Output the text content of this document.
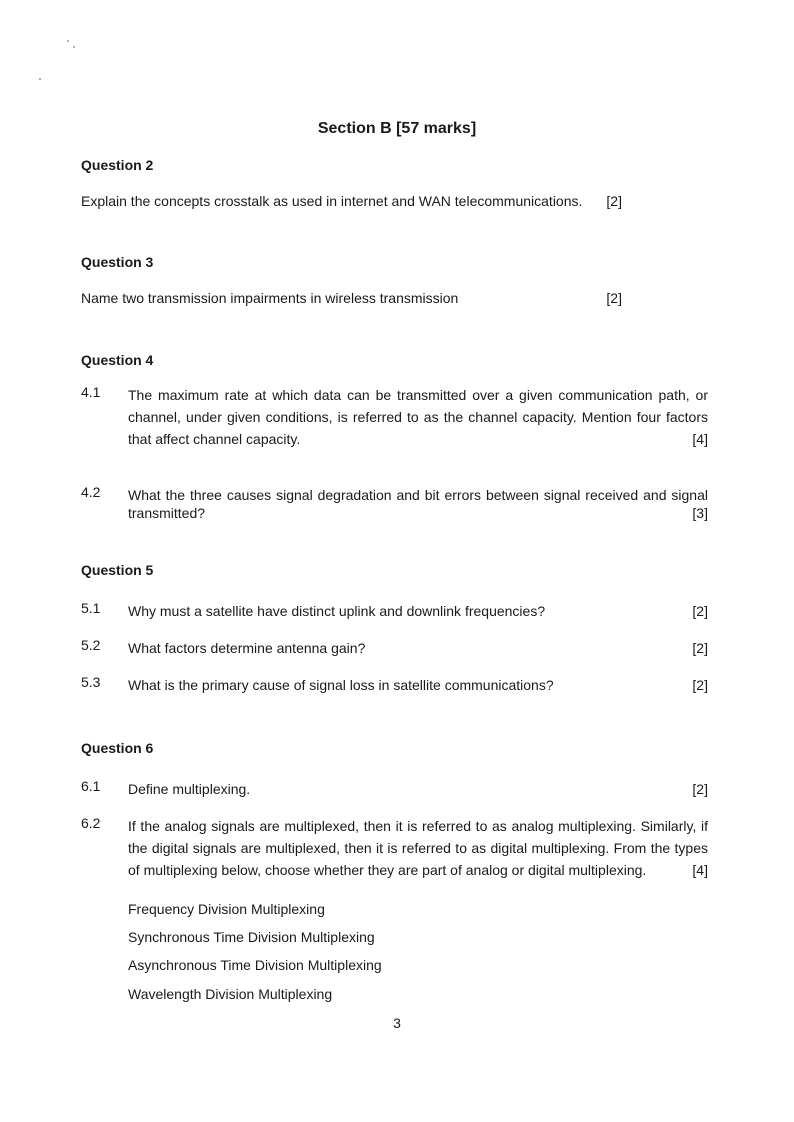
Section B [57 marks]
Question 2
Explain the concepts crosstalk as used in internet and WAN telecommunications. [2]
Question 3
Name two transmission impairments in wireless transmission	[2]
Question 4
4.1	The maximum rate at which data can be transmitted over a given communication path, or
channel, under given conditions, is referred to as the channel capacity. Mention four factors
that affect channel capacity.	[4]
4.2	What the three causes signal degradation and bit errors between signal received and signal
transmitted?	[3]
Question 5
5.1	Why must a satellite have distinct uplink and downlink frequencies?	[2]
5.2	What factors determine antenna gain?	[2]
5.3	What is the primary cause of signal loss in satellite communications?	[2]
Question 6
6.1	Define multiplexing.	[2]
6.2	If the analog signals are multiplexed, then it is referred to as analog multiplexing. Similarly, if
the digital signals are multiplexed, then it is referred to as digital multiplexing. From the types
of multiplexing below, choose whether they are part of analog or digital multiplexing.	[4]
Frequency Division Multiplexing
Synchronous Time Division Multiplexing
Asynchronous Time Division Multiplexing
Wavelength Division Multiplexing
3
